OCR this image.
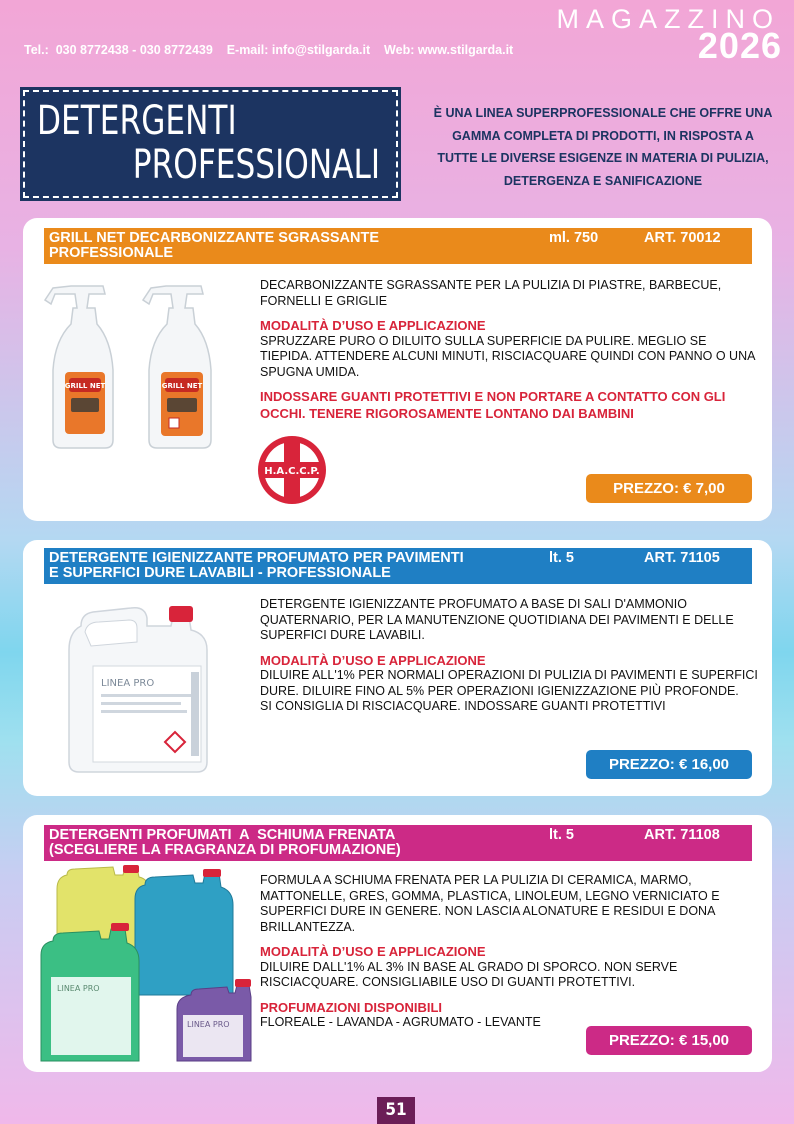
Tel.:  030 8772438 - 030 8772439    E-mail: info@stilgarda.it    Web: www.stilgarda.it
MAGAZZINO
2026
DETERGENTI
PROFESSIONALI
È UNA LINEA SUPERPROFESSIONALE CHE OFFRE UNA
GAMMA COMPLETA DI PRODOTTI, IN RISPOSTA A
TUTTE LE DIVERSE ESIGENZE IN MATERIA DI PULIZIA,
DETERGENZA E SANIFICAZIONE
GRILL NET DECARBONIZZANTE SGRASSANTE
PROFESSIONALE
ml. 750	ART. 70012
GRILL NET	GRILL NET
H.A.C.C.P.

DECARBONIZZANTE SGRASSANTE PER LA PULIZIA DI PIASTRE, BARBECUE, FORNELLI E GRIGLIE

MODALITÀ D’USO E APPLICAZIONE

SPRUZZARE PURO O DILUITO SULLA SUPERFICIE DA PULIRE. MEGLIO SE TIEPIDA. ATTENDERE ALCUNI MINUTI, RISCIACQUARE QUINDI CON PANNO O UNA SPUGNA UMIDA.

INDOSSARE GUANTI PROTETTIVI E NON PORTARE A CONTATTO CON GLI OCCHI. TENERE RIGOROSAMENTE LONTANO DAI BAMBINI

PREZZO: € 7,00
DETERGENTE IGIENIZZANTE PROFUMATO PER PAVIMENTI
E SUPERFICI DURE LAVABILI - PROFESSIONALE
lt. 5	ART. 71105
LINEA PRO

DETERGENTE IGIENIZZANTE PROFUMATO A BASE DI SALI D'AMMONIO QUATERNARIO, PER LA MANUTENZIONE QUOTIDIANA DEI PAVIMENTI E DELLE SUPERFICI DURE LAVABILI.

MODALITÀ D’USO E APPLICAZIONE

DILUIRE ALL'1% PER NORMALI OPERAZIONI DI PULIZIA DI PAVIMENTI E SUPERFICI DURE. DILUIRE FINO AL 5% PER OPERAZIONI IGIENIZZAZIONE PIÙ PROFONDE.

SI CONSIGLIA DI RISCIACQUARE. INDOSSARE GUANTI PROTETTIVI

PREZZO: € 16,00
DETERGENTI PROFUMATI  A  SCHIUMA FRENATA
(SCEGLIERE LA FRAGRANZA DI PROFUMAZIONE)
lt. 5	ART. 71108
LINEA PRO
LINEA PRO

FORMULA A SCHIUMA FRENATA PER LA PULIZIA DI CERAMICA, MARMO, MATTONELLE, GRES, GOMMA, PLASTICA, LINOLEUM, LEGNO VERNICIATO E SUPERFICI DURE IN GENERE. NON LASCIA ALONATURE E RESIDUI E DONA BRILLANTEZZA.

MODALITÀ D’USO E APPLICAZIONE

DILUIRE DALL'1% AL 3% IN BASE AL GRADO DI SPORCO. NON SERVE RISCIACQUARE. CONSIGLIABILE USO DI GUANTI PROTETTIVI.

PROFUMAZIONI DISPONIBILI

FLOREALE - LAVANDA - AGRUMATO - LEVANTE

PREZZO: € 15,00
51
